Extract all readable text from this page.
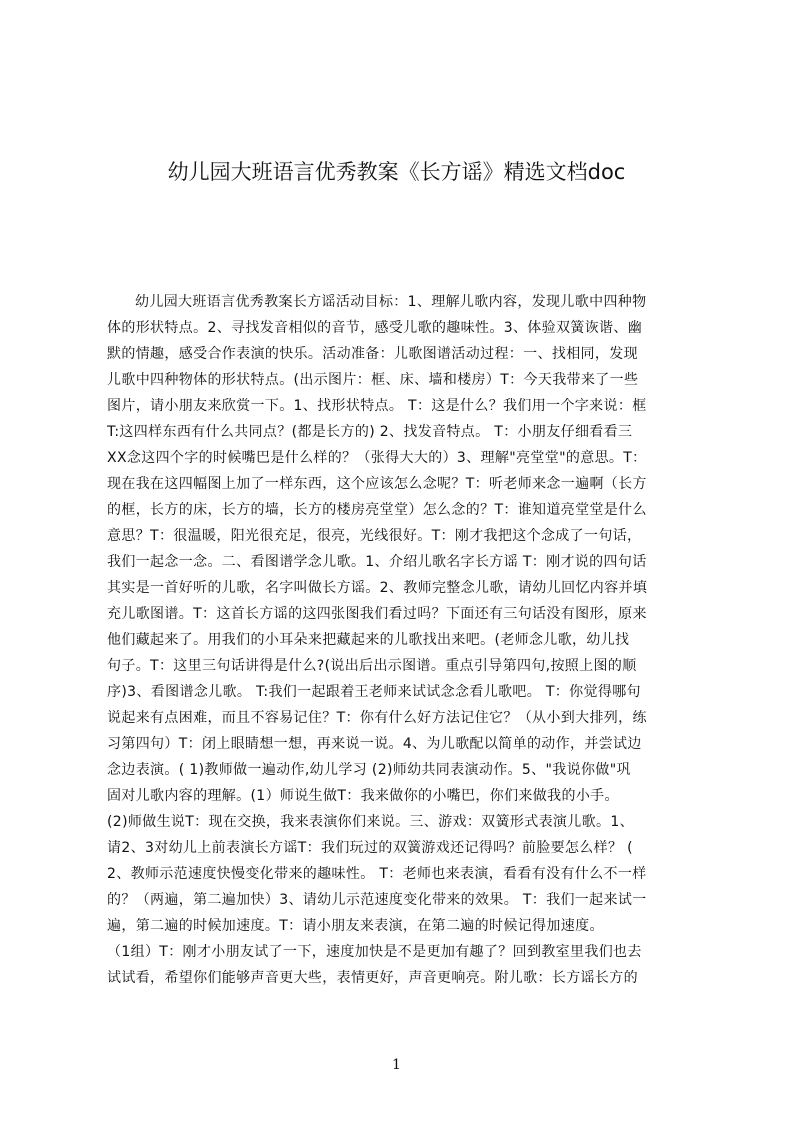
幼儿园大班语言优秀教案《长方谣》精选文档doc
幼儿园大班语言优秀教案长方谣活动目标：1、理解儿歌内容，发现儿歌中四种物
体的形状特点。2、寻找发音相似的音节，感受儿歌的趣味性。3、体验双簧诙谐、幽
默的情趣，感受合作表演的快乐。活动准备：儿歌图谱活动过程：一、找相同，发现
儿歌中四种物体的形状特点。(出示图片：框、床、墙和楼房）T：今天我带来了一些
图片，请小朋友来欣赏一下。1、找形状特点。 T：这是什么？我们用一个字来说：框
T:这四样东西有什么共同点？(都是长方的) 2、找发音特点。 T：小朋友仔细看看三
XX念这四个字的时候嘴巴是什么样的？（张得大大的）3、理解"亮堂堂"的意思。T：
现在我在这四幅图上加了一样东西，这个应该怎么念呢？T：听老师来念一遍啊（长方
的框，长方的床，长方的墙，长方的楼房亮堂堂）怎么念的？T：谁知道亮堂堂是什么
意思？T：很温暖，阳光很充足，很亮，光线很好。T：刚才我把这个念成了一句话，
我们一起念一念。二、看图谱学念儿歌。1、介绍儿歌名字长方谣 T：刚才说的四句话
其实是一首好听的儿歌，名字叫做长方谣。2、教师完整念儿歌，请幼儿回忆内容并填
充儿歌图谱。T：这首长方谣的这四张图我们看过吗？下面还有三句话没有图形，原来
他们藏起来了。用我们的小耳朵来把藏起来的儿歌找出来吧。(老师念儿歌，幼儿找
句子。T：这里三句话讲得是什么?(说出后出示图谱。重点引导第四句,按照上图的顺
序)3、看图谱念儿歌。 T:我们一起跟着王老师来试试念念看儿歌吧。 T：你觉得哪句
说起来有点困难，而且不容易记住？T：你有什么好方法记住它？（从小到大排列，练
习第四句）T：闭上眼睛想一想，再来说一说。4、为儿歌配以简单的动作，并尝试边
念边表演。( 1)教师做一遍动作,幼儿学习 (2)师幼共同表演动作。5、"我说你做"巩
固对儿歌内容的理解。(1）师说生做T：我来做你的小嘴巴，你们来做我的小手。
(2)师做生说T：现在交换，我来表演你们来说。三、游戏：双簧形式表演儿歌。1、
请2、3对幼儿上前表演长方谣T：我们玩过的双簧游戏还记得吗？前脸要怎么样？ (
2、教师示范速度快慢变化带来的趣味性。 T：老师也来表演，看看有没有什么不一样
的？（两遍，第二遍加快）3、请幼儿示范速度变化带来的效果。 T：我们一起来试一
遍，第二遍的时候加速度。T：请小朋友来表演，在第二遍的时候记得加速度。
（1组）T：刚才小朋友试了一下，速度加快是不是更加有趣了？回到教室里我们也去
试试看，希望你们能够声音更大些，表情更好，声音更响亮。附儿歌：长方谣长方的
1
